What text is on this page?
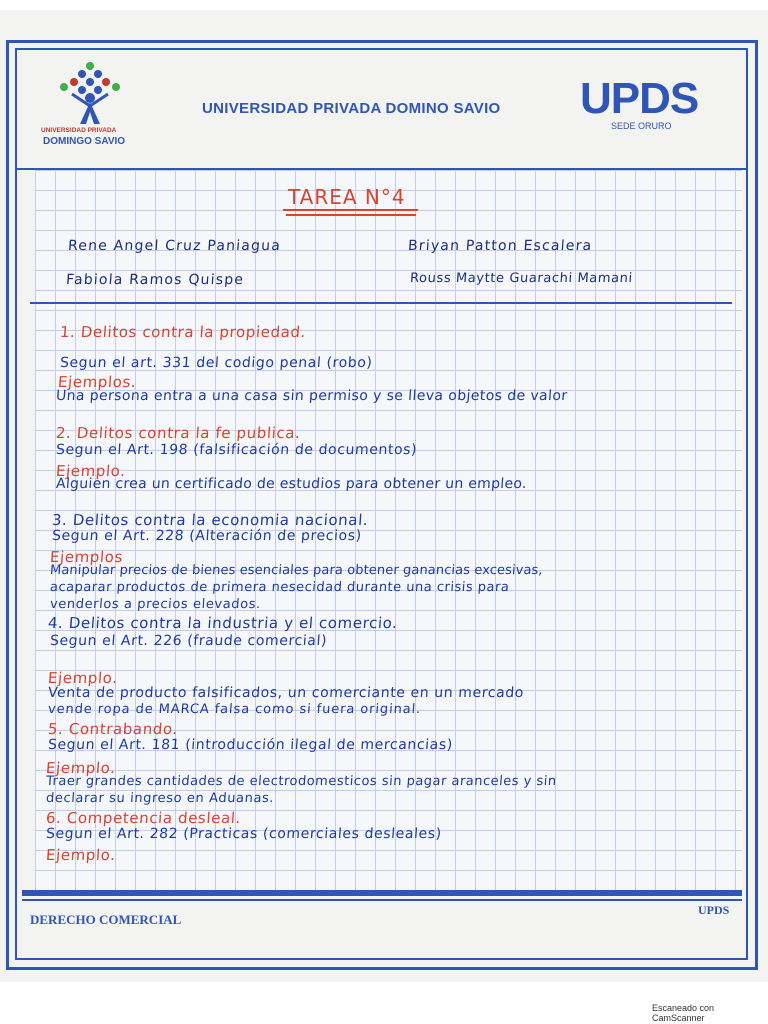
UNIVERSIDAD PRIVADA
DOMINGO SAVIO
UNIVERSIDAD PRIVADA DOMINO SAVIO UPDS
SEDE ORURO
TAREA N°4
Rene Angel Cruz Paniagua	Briyan Patton Escalera
Fabiola Ramos Quispe	Rouss Maytte Guarachi Mamani
1. Delitos contra la propiedad.
Segun el art. 331 del codigo penal (robo)
Ejemplos.
Una persona entra a una casa sin permiso y se lleva objetos de valor
2. Delitos contra la fe publica.
Segun el Art. 198 (falsificación de documentos)
Ejemplo.
Alguien crea un certificado de estudios para obtener un empleo.
3. Delitos contra la economia nacional.
Segun el Art. 228 (Alteración de precios)
Ejemplos
Manipular precios de bienes esenciales para obtener ganancias excesivas,
acaparar productos de primera nesecidad durante una crisis para
venderlos a precios elevados.
4. Delitos contra la industria y el comercio.
Segun el Art. 226 (fraude comercial)
Ejemplo.
Venta de producto falsificados, un comerciante en un mercado
vende ropa de MARCA falsa como si fuera original.
5. Contrabando.
Segun el Art. 181 (introducción ilegal de mercancias)
Ejemplo.
Traer grandes cantidades de electrodomesticos sin pagar aranceles y sin
declarar su ingreso en Aduanas.
6. Competencia desleal.
Segun el Art. 282 (Practicas (comerciales desleales)
Ejemplo.
DERECHO COMERCIAL
UPDS
Escaneado con CamScanner
